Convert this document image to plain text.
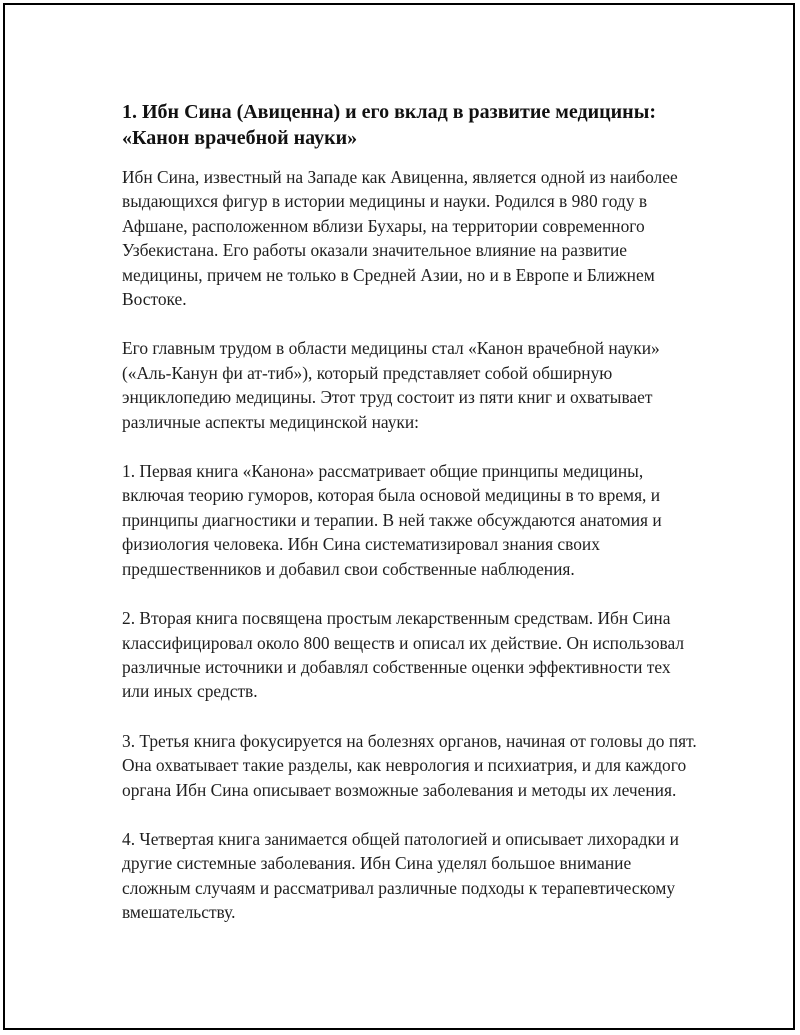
1. Ибн Сина (Авиценна) и его вклад в развитие медицины: «Канон врачебной науки»

Ибн Сина, известный на Западе как Авиценна, является одной из наиболее выдающихся фигур в истории медицины и науки. Родился в 980 году в Афшане, расположенном вблизи Бухары, на территории современного Узбекистана. Его работы оказали значительное влияние на развитие медицины, причем не только в Средней Азии, но и в Европе и Ближнем Востоке.

Его главным трудом в области медицины стал «Канон врачебной науки» («Аль-Канун фи ат-тиб»), который представляет собой обширную энциклопедию медицины. Этот труд состоит из пяти книг и охватывает различные аспекты медицинской науки:

1. Первая книга «Канона» рассматривает общие принципы медицины, включая теорию гуморов, которая была основой медицины в то время, и принципы диагностики и терапии. В ней также обсуждаются анатомия и физиология человека. Ибн Сина систематизировал знания своих предшественников и добавил свои собственные наблюдения.

2. Вторая книга посвящена простым лекарственным средствам. Ибн Сина классифицировал около 800 веществ и описал их действие. Он использовал различные источники и добавлял собственные оценки эффективности тех или иных средств.

3. Третья книга фокусируется на болезнях органов, начиная от головы до пят. Она охватывает такие разделы, как неврология и психиатрия, и для каждого органа Ибн Сина описывает возможные заболевания и методы их лечения.

4. Четвертая книга занимается общей патологией и описывает лихорадки и другие системные заболевания. Ибн Сина уделял большое внимание сложным случаям и рассматривал различные подходы к терапевтическому вмешательству.
